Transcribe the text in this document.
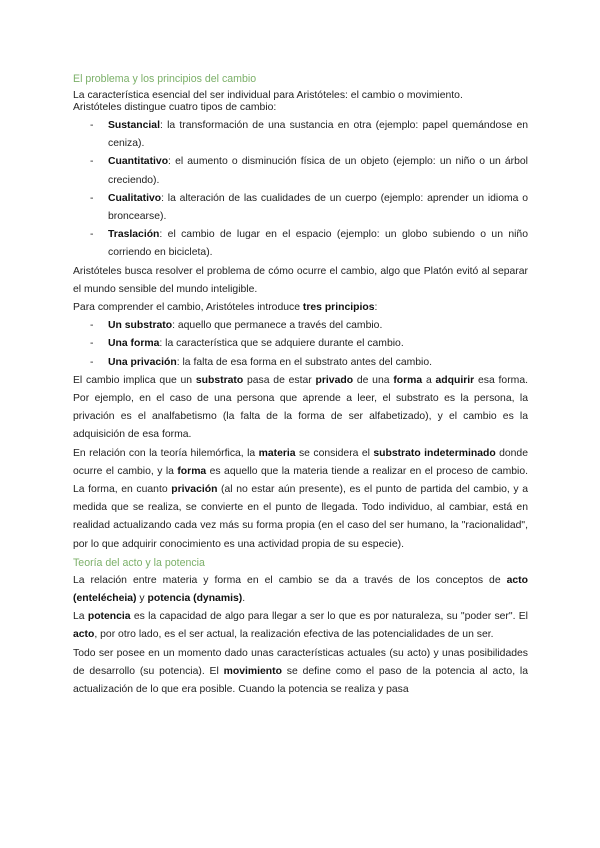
El problema y los principios del cambio

La característica esencial del ser individual para Aristóteles: el cambio o movimiento.
Aristóteles distingue cuatro tipos de cambio:

- Sustancial: la transformación de una sustancia en otra (ejemplo: papel quemándose en ceniza).
- Cuantitativo: el aumento o disminución física de un objeto (ejemplo: un niño o un árbol creciendo).
- Cualitativo: la alteración de las cualidades de un cuerpo (ejemplo: aprender un idioma o broncearse).
- Traslación: el cambio de lugar en el espacio (ejemplo: un globo subiendo o un niño corriendo en bicicleta).

Aristóteles busca resolver el problema de cómo ocurre el cambio, algo que Platón evitó al separar el mundo sensible del mundo inteligible.

Para comprender el cambio, Aristóteles introduce tres principios:

- Un substrato: aquello que permanece a través del cambio.
- Una forma: la característica que se adquiere durante el cambio.
- Una privación: la falta de esa forma en el substrato antes del cambio.

El cambio implica que un substrato pasa de estar privado de una forma a adquirir esa forma. Por ejemplo, en el caso de una persona que aprende a leer, el substrato es la persona, la privación es el analfabetismo (la falta de la forma de ser alfabetizado), y el cambio es la adquisición de esa forma.

En relación con la teoría hilemórfica, la materia se considera el substrato indeterminado donde ocurre el cambio, y la forma es aquello que la materia tiende a realizar en el proceso de cambio. La forma, en cuanto privación (al no estar aún presente), es el punto de partida del cambio, y a medida que se realiza, se convierte en el punto de llegada. Todo individuo, al cambiar, está en realidad actualizando cada vez más su forma propia (en el caso del ser humano, la "racionalidad", por lo que adquirir conocimiento es una actividad propia de su especie).

Teoría del acto y la potencia

La relación entre materia y forma en el cambio se da a través de los conceptos de acto (entelécheia) y potencia (dynamis).

La potencia es la capacidad de algo para llegar a ser lo que es por naturaleza, su "poder ser". El acto, por otro lado, es el ser actual, la realización efectiva de las potencialidades de un ser.

Todo ser posee en un momento dado unas características actuales (su acto) y unas posibilidades de desarrollo (su potencia). El movimiento se define como el paso de la potencia al acto, la actualización de lo que era posible. Cuando la potencia se realiza y pasa
